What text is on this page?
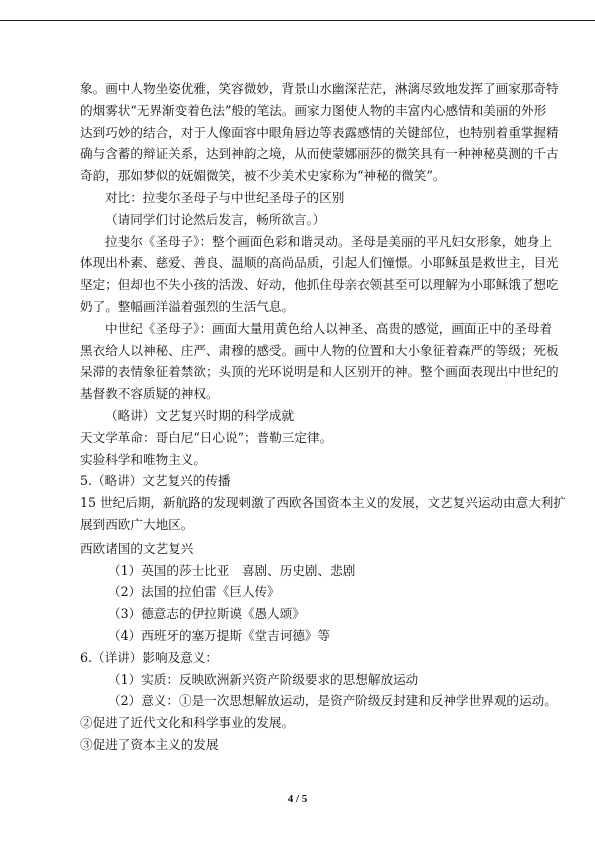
象。画中人物坐姿优雅，笑容微妙，背景山水幽深茫茫，淋漓尽致地发挥了画家那奇特
的烟雾状“无界渐变着色法”般的笔法。画家力图使人物的丰富内心感情和美丽的外形
达到巧妙的结合，对于人像面容中眼角唇边等表露感情的关键部位，也特别着重掌握精
确与含蓄的辩证关系，达到神韵之境，从而使蒙娜丽莎的微笑具有一种神秘莫测的千古
奇韵，那如梦似的妩媚微笑，被不少美术史家称为“神秘的微笑”。
对比：拉斐尔圣母子与中世纪圣母子的区别
（请同学们讨论然后发言，畅所欲言。）
拉斐尔《圣母子》：整个画面色彩和谐灵动。圣母是美丽的平凡妇女形象，她身上
体现出朴素、慈爱、善良、温顺的高尚品质，引起人们憧憬。小耶稣虽是救世主，目光
坚定；但却也不失小孩的活泼、好动，他抓住母亲衣领甚至可以理解为小耶稣饿了想吃
奶了。整幅画洋溢着强烈的生活气息。
中世纪《圣母子》：画面大量用黄色给人以神圣、高贵的感觉，画面正中的圣母着
黑衣给人以神秘、庄严、肃穆的感受。画中人物的位置和大小象征着森严的等级；死板
呆滞的表情象征着禁欲；头顶的光环说明是和人区别开的神。整个画面表现出中世纪的
基督教不容质疑的神权。
（略讲）文艺复兴时期的科学成就
天文学革命：哥白尼“日心说”；普勒三定律。
实验科学和唯物主义。
5.（略讲）文艺复兴的传播
15 世纪后期，新航路的发现刺激了西欧各国资本主义的发展，文艺复兴运动由意大利扩
展到西欧广大地区。
西欧诸国的文艺复兴
（1）英国的莎士比亚　喜剧、历史剧、悲剧
（2）法国的拉伯雷《巨人传》
（3）德意志的伊拉斯谟《愚人颂》
（4）西班牙的塞万提斯《堂吉诃德》等
6.（详讲）影响及意义：
（1）实质：反映欧洲新兴资产阶级要求的思想解放运动
（2）意义：①是一次思想解放运动，是资产阶级反封建和反神学世界观的运动。
②促进了近代文化和科学事业的发展。
③促进了资本主义的发展
4 / 5
